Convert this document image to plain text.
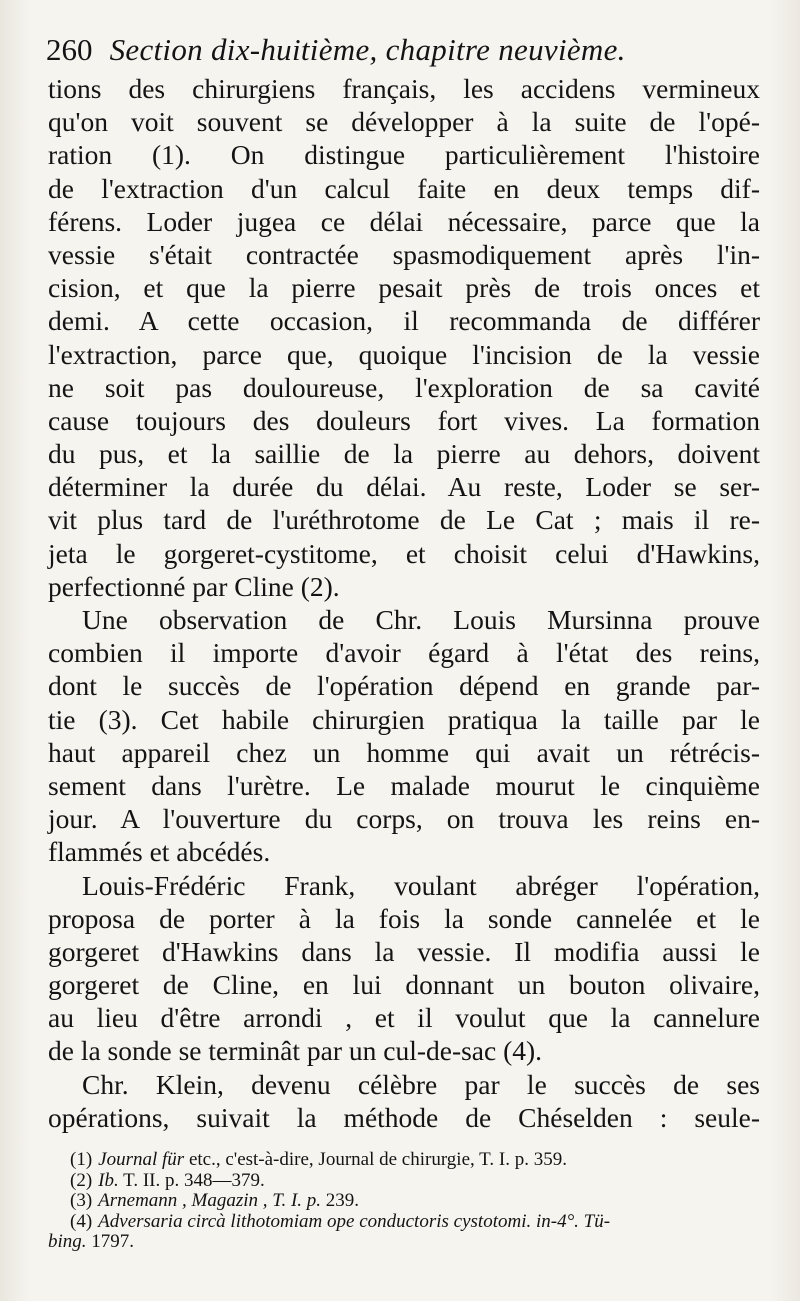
260 Section dix-huitième, chapitre neuvième.
tions des chirurgiens français, les accidens vermineux
qu'on voit souvent se développer à la suite de l'opé-
ration (1). On distingue particulièrement l'histoire
de l'extraction d'un calcul faite en deux temps dif-
férens. Loder jugea ce délai nécessaire, parce que la
vessie s'était contractée spasmodiquement après l'in-
cision, et que la pierre pesait près de trois onces et
demi. A cette occasion, il recommanda de différer
l'extraction, parce que, quoique l'incision de la vessie
ne soit pas douloureuse, l'exploration de sa cavité
cause toujours des douleurs fort vives. La formation
du pus, et la saillie de la pierre au dehors, doivent
déterminer la durée du délai. Au reste, Loder se ser-
vit plus tard de l'uréthrotome de Le Cat ; mais il re-
jeta le gorgeret-cystitome, et choisit celui d'Hawkins,
perfectionné par Cline (2).
Une observation de Chr. Louis Mursinna prouve
combien il importe d'avoir égard à l'état des reins,
dont le succès de l'opération dépend en grande par-
tie (3). Cet habile chirurgien pratiqua la taille par le
haut appareil chez un homme qui avait un rétrécis-
sement dans l'urètre. Le malade mourut le cinquième
jour. A l'ouverture du corps, on trouva les reins en-
flammés et abcédés.
Louis-Frédéric Frank, voulant abréger l'opération,
proposa de porter à la fois la sonde cannelée et le
gorgeret d'Hawkins dans la vessie. Il modifia aussi le
gorgeret de Cline, en lui donnant un bouton olivaire,
au lieu d'être arrondi , et il voulut que la cannelure
de la sonde se terminât par un cul-de-sac (4).
Chr. Klein, devenu célèbre par le succès de ses
opérations, suivait la méthode de Chéselden : seule-
(1) Journal für etc., c'est-à-dire, Journal de chirurgie, T. I. p. 359.
(2) Ib. T. II. p. 348—379.
(3) Arnemann , Magazin , T. I. p. 239.
(4) Adversaria circà lithotomiam ope conductoris cystotomi. in-4°. Tü-
bing. 1797.
